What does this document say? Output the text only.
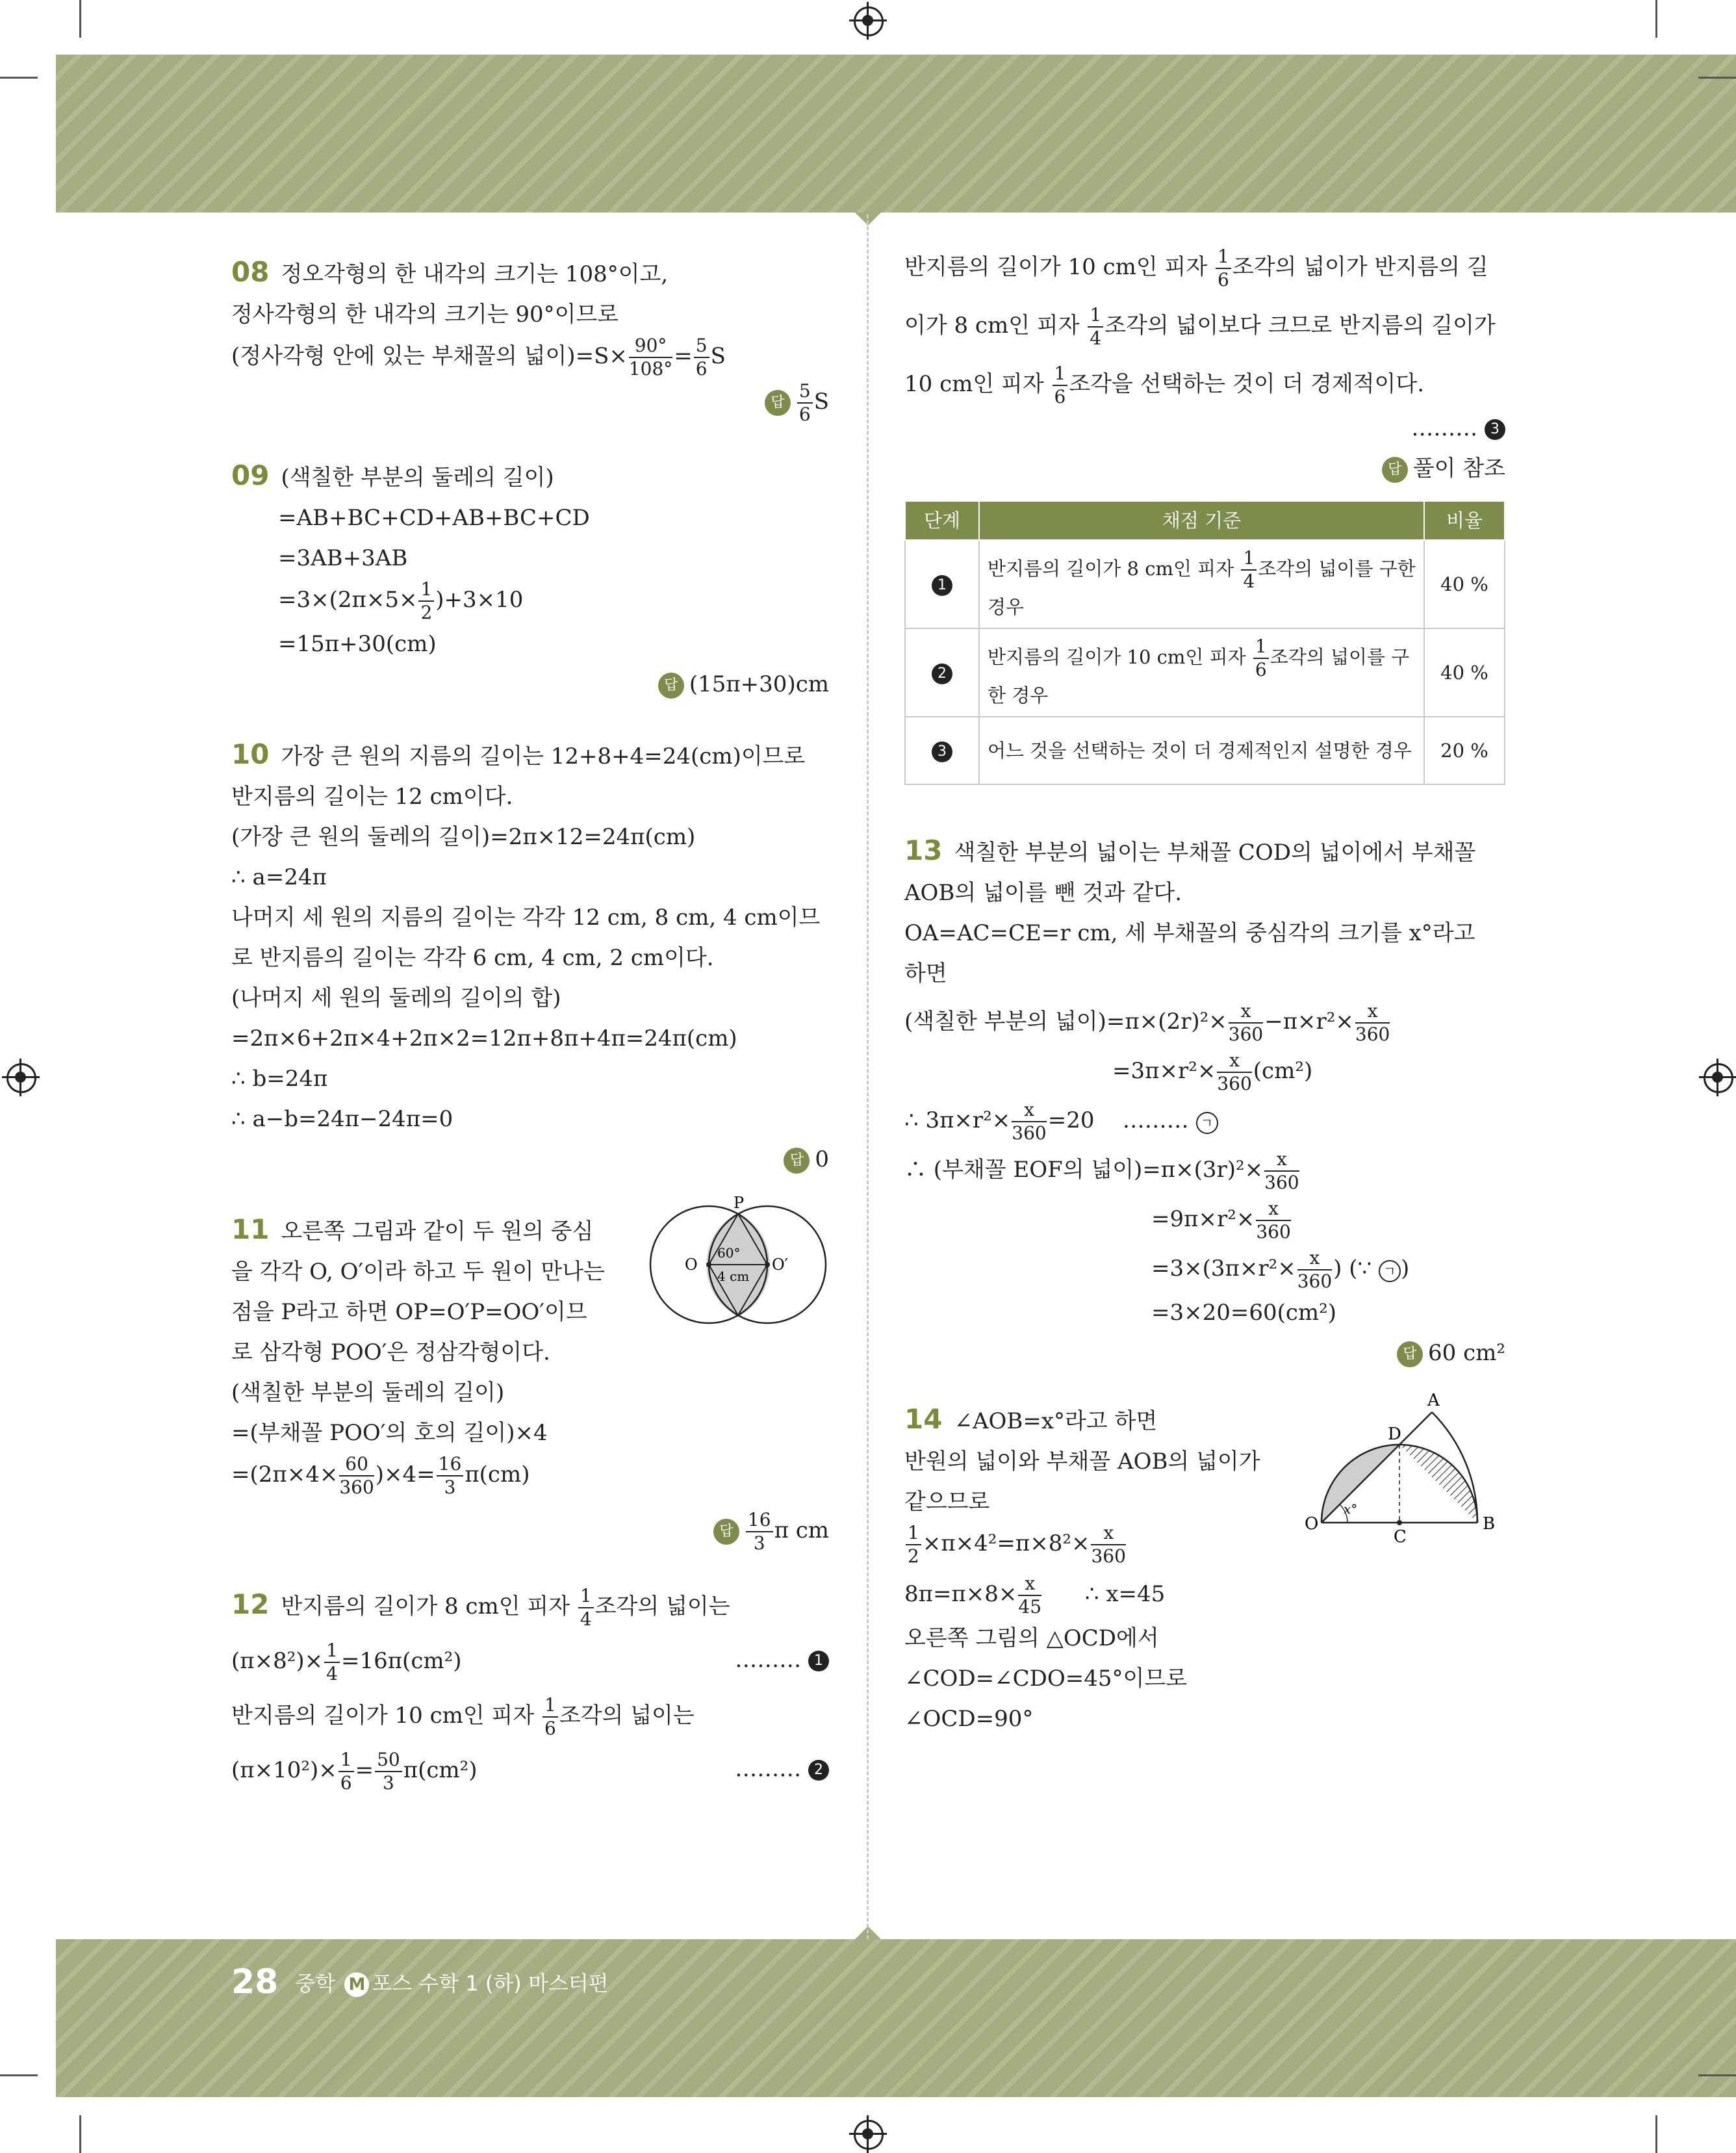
08 정오각형의 한 내각의 크기는 108°이고,

정사각형의 한 내각의 크기는 90°이므로

(정사각형 안에 있는 부채꼴의 넓이)$=S\times \frac{90^\circ}{108^\circ} = \frac{5}{6}$ S

답 $\frac{5}{6}$ S

09 (색칠한 부분의 둘레의 길이)

=AB+BC+CD+AB+BC+CD

=3AB+3AB

$=3\times(2\pi\times 5\times \frac{1}{2} )+3\times 10$

=15π+30(cm)

답 (15π+30)cm

10 가장 큰 원의 지름의 길이는 12+8+4=24(cm)이므로

반지름의 길이는 12 cm이다.

(가장 큰 원의 둘레의 길이)=2π×12=24π(cm)

∴ a=24π

나머지 세 원의 지름의 길이는 각각 12 cm, 8 cm, 4 cm이므

로 반지름의 길이는 각각 6 cm, 4 cm, 2 cm이다.

(나머지 세 원의 둘레의 길이의 합)

=2π×6+2π×4+2π×2=12π+8π+4π=24π(cm)

∴ b=24π

∴ a−b=24π−24π=0

답 0

11 오른쪽 그림과 같이 두 원의 중심

을 각각 O, O′이라 하고 두 원이 만나는

점을 P라고 하면 OP=O′P=OO′이므

로 삼각형 POO′은 정삼각형이다.

(색칠한 부분의 둘레의 길이)

=(부채꼴 POO′의 호의 길이)×4

$=(2\pi\times 4\times \frac{60}{360} )\times 4= \frac{16}{3} \pi(cm)$

답 $\frac{16}{3}$ π cm

P
O	O′
60°
4 cm

12 반지름의 길이가 8 cm인 피자 $\frac{1}{4}$ 조각의 넓이는

$(\pi\times 8^2)\times \frac{1}{4} =16\pi(cm^2)$	……… 1

반지름의 길이가 10 cm인 피자 $\frac{1}{6}$ 조각의 넓이는

$(\pi\times 10^2)\times \frac{1}{6} = \frac{50}{3} \pi(cm^2)$	……… 2

반지름의 길이가 10 cm인 피자 $\frac{1}{6}$ 조각의 넓이가 반지름의 길

이가 8 cm인 피자 $\frac{1}{4}$ 조각의 넓이보다 크므로 반지름의 길이가

10 cm인 피자 $\frac{1}{6}$ 조각을 선택하는 것이 더 경제적이다.

……… 3

답 풀이 참조

단계	채점 기준	비율
1	반지름의 길이가 8 cm인 피자 $\frac{1}{4}$ 조각의 넓이를 구한 경우	40 %
2	반지름의 길이가 10 cm인 피자 $\frac{1}{6}$ 조각의 넓이를 구한 경우	40 %
3	어느 것을 선택하는 것이 더 경제적인지 설명한 경우	20 %

13 색칠한 부분의 넓이는 부채꼴 COD의 넓이에서 부채꼴

AOB의 넓이를 뺀 것과 같다.

OA=AC=CE=r cm, 세 부채꼴의 중심각의 크기를 x°라고

하면

(색칠한 부분의 넓이)$=\pi\times(2r)^2\times \frac{x}{360} -\pi\times r^2\times \frac{x}{360}$

$=3\pi\times r^2\times \frac{x}{360} (cm^2)$

∴ $3\pi\times r^2\times \frac{x}{360} =20$ ……… ㄱ

∴ (부채꼴 EOF의 넓이)$=\pi\times(3r)^2\times \frac{x}{360}$

$=9\pi\times r^2\times \frac{x}{360}$

$=3\times(3\pi\times r^2\times \frac{x}{360}$ ) (∵ ㄱ )

=3×20=60(cm²)

답 60 cm²

14 ∠AOB=x°라고 하면

반원의 넓이와 부채꼴 AOB의 넓이가

같으므로

$\frac{1}{2} \times\pi\times 4^2=\pi\times 8^2\times \frac{x}{360}$

$8\pi=\pi\times 8\times \frac{x}{45}$ ∴ x=45

오른쪽 그림의 △OCD에서

∠COD=∠CDO=45°이므로

∠OCD=90°

A
D
O
C
B
x°
28 중학 M 포스 수학 1 (하) 마스터편
